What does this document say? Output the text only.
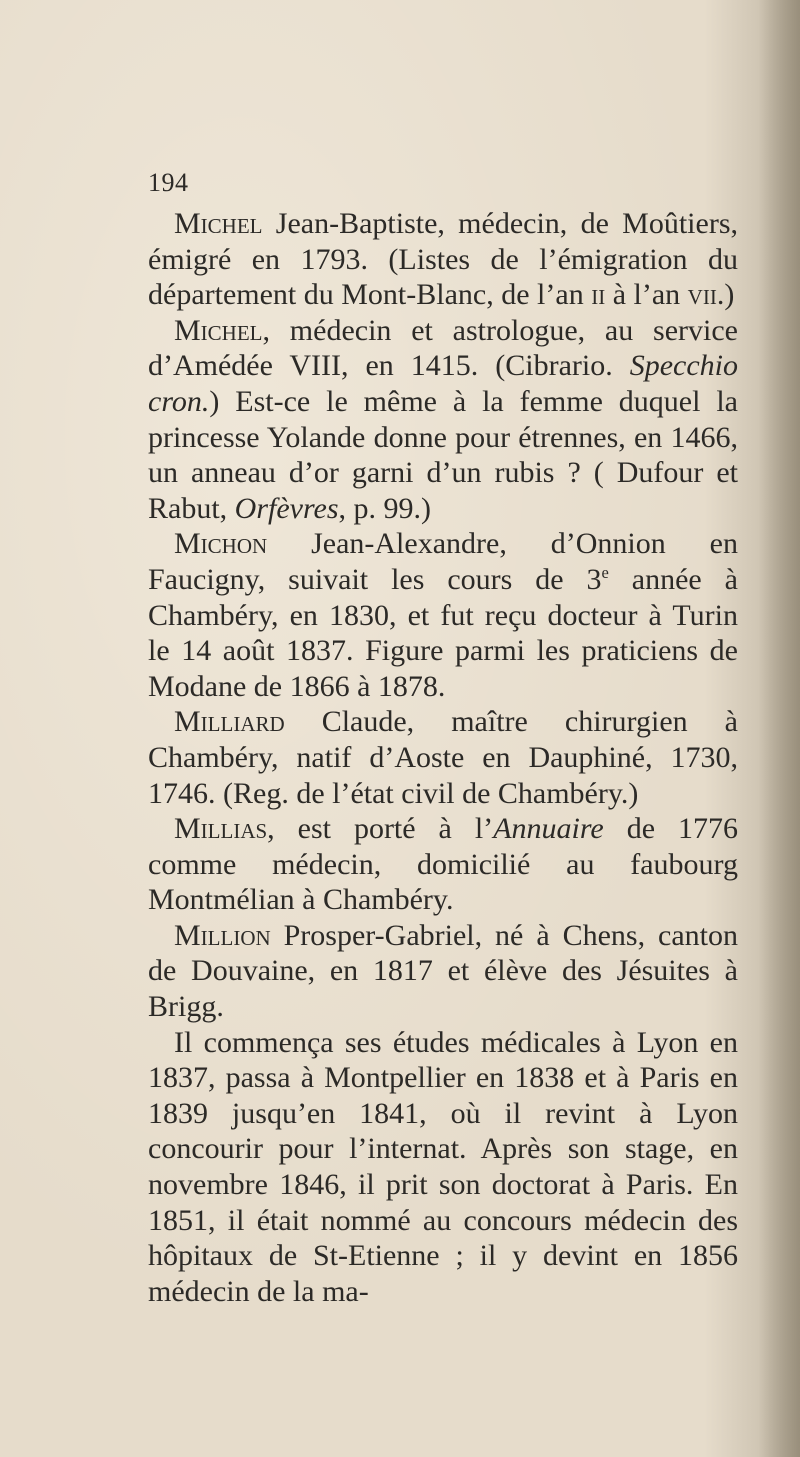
194

Michel Jean-Baptiste, médecin, de Moûtiers, émigré en 1793. (Listes de l’émigration du département du Mont-Blanc, de l’an ii à l’an vii.)

Michel, médecin et astrologue, au service d’Amédée VIII, en 1415. (Cibrario. Specchio cron.) Est-ce le même à la femme duquel la princesse Yolande donne pour étrennes, en 1466, un anneau d’or garni d’un rubis ? ( Dufour et Rabut, Orfèvres, p. 99.)

Michon Jean-Alexandre, d’Onnion en Faucigny, suivait les cours de 3e année à Chambéry, en 1830, et fut reçu docteur à Turin le 14 août 1837. Figure parmi les praticiens de Modane de 1866 à 1878.

Milliard Claude, maître chirurgien à Chambéry, natif d’Aoste en Dauphiné, 1730, 1746. (Reg. de l’état civil de Chambéry.)

Millias, est porté à l’Annuaire de 1776 comme médecin, domicilié au faubourg Montmélian à Chambéry.

Million Prosper-Gabriel, né à Chens, canton de Douvaine, en 1817 et élève des Jésuites à Brigg.

Il commença ses études médicales à Lyon en 1837, passa à Montpellier en 1838 et à Paris en 1839 jusqu’en 1841, où il revint à Lyon concourir pour l’internat. Après son stage, en novembre 1846, il prit son doctorat à Paris. En 1851, il était nommé au concours médecin des hôpitaux de St-Etienne ; il y devint en 1856 médecin de la ma-
